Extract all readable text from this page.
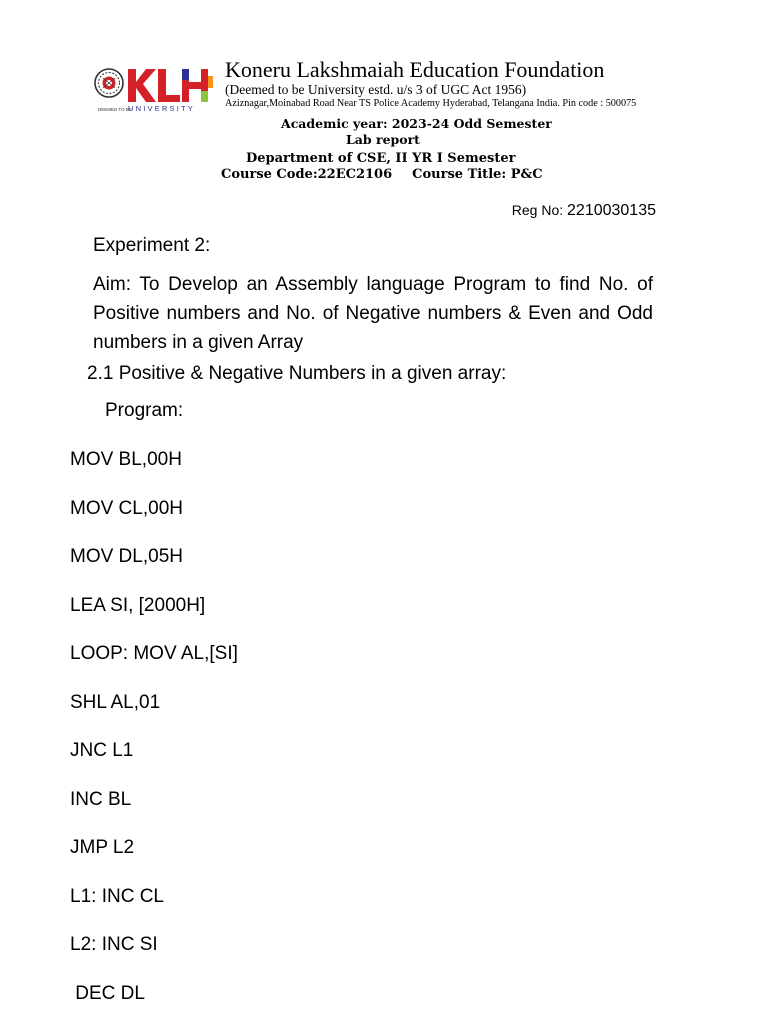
DEEMED TO BE
UNIVERSITY
Koneru Lakshmaiah Education Foundation
(Deemed to be University estd. u/s 3 of UGC Act 1956)
Aziznagar,Moinabad Road Near TS Police Academy Hyderabad, Telangana India. Pin code : 500075
Academic year: 2023-24 Odd Semester
Lab report
Department of CSE, II YR I Semester
Course Code:22EC2106 Course Title: P&C
Reg No: 2210030135
Experiment 2:
Aim: To Develop an Assembly language Program to find No. of Positive numbers and No. of Negative numbers & Even and Odd numbers in a given Array
2.1 Positive & Negative Numbers in a given array:
Program:
MOV BL,00H
MOV CL,00H
MOV DL,05H
LEA SI, [2000H]
LOOP: MOV AL,[SI]
SHL AL,01
JNC L1
INC BL
JMP L2
L1: INC CL
L2: INC SI
DEC DL
